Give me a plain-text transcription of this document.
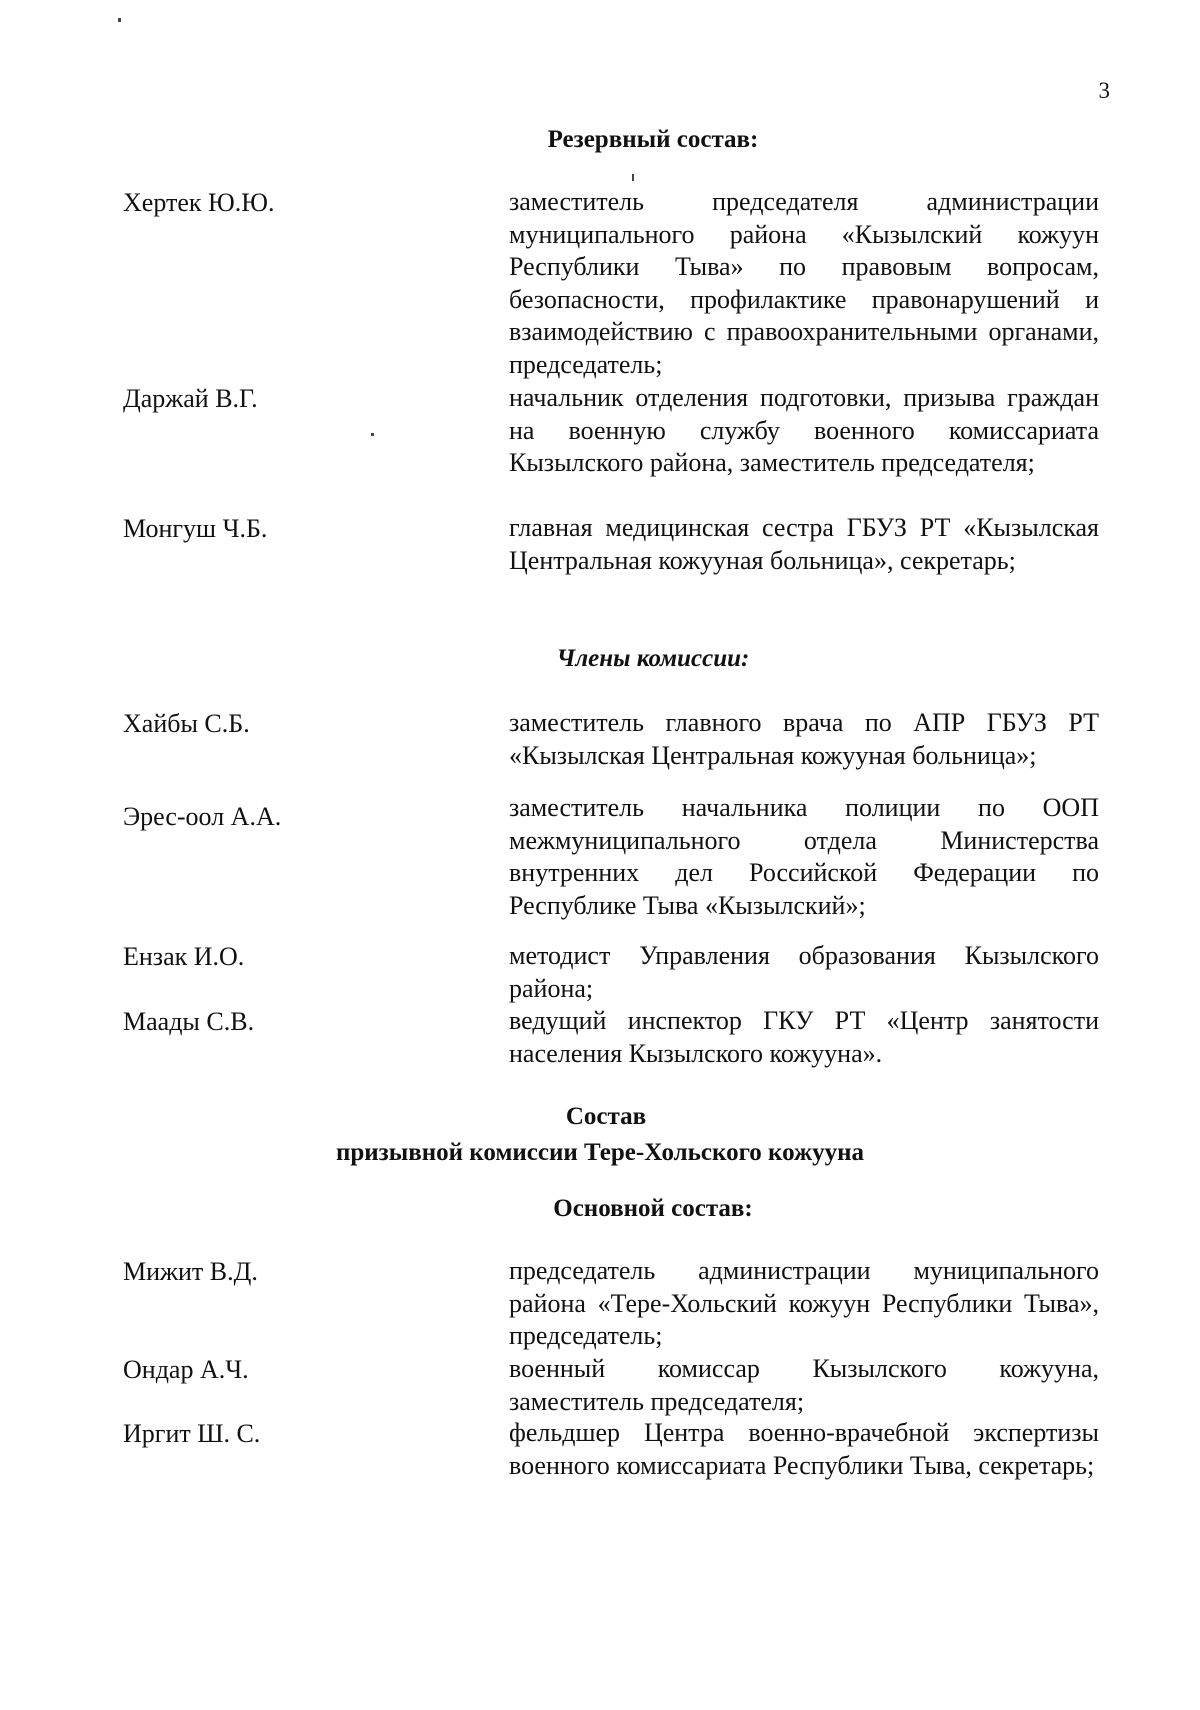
3
Резервный состав:
Хертек Ю.Ю.	заместитель председателя администрации муниципального района «Кызылский кожуун Республики Тыва» по правовым вопросам, безопасности, профилактике правонарушений и взаимодействию с правоохранительными органами, председатель;
Даржай В.Г.	начальник отделения подготовки, призыва граждан на военную службу военного комиссариата Кызылского района, заместитель председателя;
Монгуш Ч.Б.	главная медицинская сестра ГБУЗ РТ «Кызылская Центральная кожууная больница», секретарь;
Члены комиссии:
Хайбы С.Б.	заместитель главного врача по АПР ГБУЗ РТ «Кызылская Центральная кожууная больница»;
Эрес-оол А.А.	заместитель начальника полиции по ООП межмуниципального отдела Министерства внутренних дел Российской Федерации по Республике Тыва «Кызылский»;
Ензак И.О.	методист Управления образования Кызылского района;
Маады С.В.	ведущий инспектор ГКУ РТ «Центр занятости населения Кызылского кожууна».
Состав
призывной комиссии Тере-Хольского кожууна
Основной состав:
Мижит В.Д.	председатель администрации муниципального района «Тере-Хольский кожуун Республики Тыва», председатель;
Ондар А.Ч.	военный комиссар Кызылского кожууна, заместитель председателя;
Иргит Ш. С.	фельдшер Центра военно-врачебной экспертизы военного комиссариата Республики Тыва, секретарь;
